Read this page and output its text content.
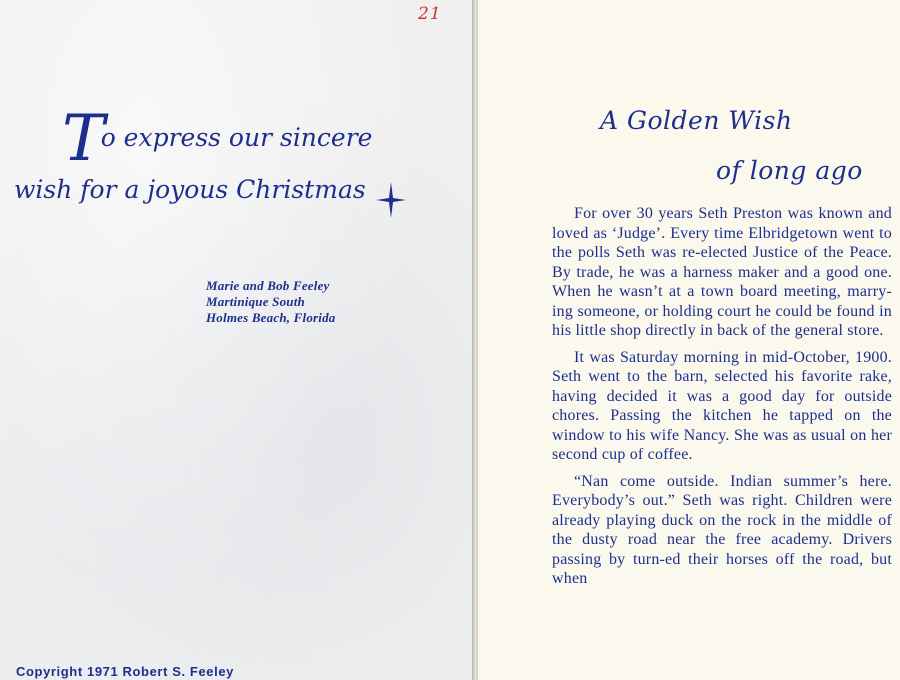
21
To express our sincere
wish for a joyous Christmas
Marie and Bob Feeley
Martinique South
Holmes Beach, Florida
Copyright 1971 Robert S. Feeley
A Golden Wish
of long ago

For over 30 years Seth Preston was known and loved as ‘Judge’. Every time Elbridgetown went to the polls Seth was re-elected Justice of the Peace. By trade, he was a harness maker and a good one. When he wasn’t at a town board meeting, marry-ing someone, or holding court he could be found in his little shop directly in back of the general store.

It was Saturday morning in mid-October, 1900. Seth went to the barn, selected his favorite rake, having decided it was a good day for outside chores. Passing the kitchen he tapped on the window to his wife Nancy. She was as usual on her second cup of coffee.

“Nan come outside. Indian summer’s here. Everybody’s out.” Seth was right. Children were already playing duck on the rock in the middle of the dusty road near the free academy. Drivers passing by turn-ed their horses off the road, but when
